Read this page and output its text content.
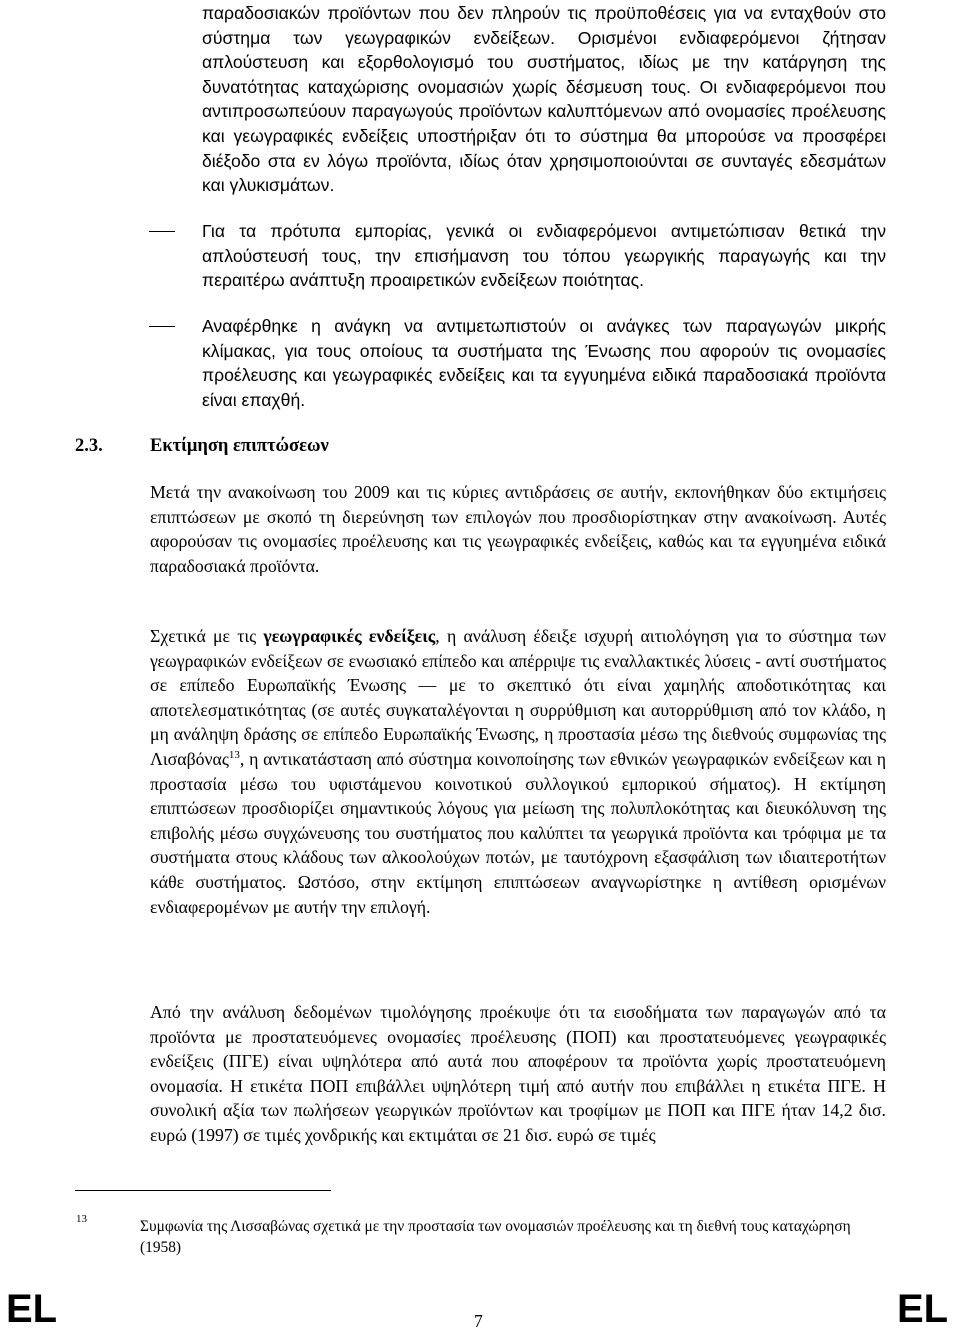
παραδοσιακών προϊόντων που δεν πληρούν τις προϋποθέσεις για να ενταχθούν στο σύστημα των γεωγραφικών ενδείξεων. Ορισμένοι ενδιαφερόμενοι ζήτησαν απλούστευση και εξορθολογισμό του συστήματος, ιδίως με την κατάργηση της δυνατότητας καταχώρισης ονομασιών χωρίς δέσμευση τους. Οι ενδιαφερόμενοι που αντιπροσωπεύουν παραγωγούς προϊόντων καλυπτόμενων από ονομασίες προέλευσης και γεωγραφικές ενδείξεις υποστήριξαν ότι το σύστημα θα μπορούσε να προσφέρει διέξοδο στα εν λόγω προϊόντα, ιδίως όταν χρησιμοποιούνται σε συνταγές εδεσμάτων και γλυκισμάτων.

Για τα πρότυπα εμπορίας, γενικά οι ενδιαφερόμενοι αντιμετώπισαν θετικά την απλούστευσή τους, την επισήμανση του τόπου γεωργικής παραγωγής και την περαιτέρω ανάπτυξη προαιρετικών ενδείξεων ποιότητας.

Αναφέρθηκε η ανάγκη να αντιμετωπιστούν οι ανάγκες των παραγωγών μικρής κλίμακας, για τους οποίους τα συστήματα της Ένωσης που αφορούν τις ονομασίες προέλευσης και γεωγραφικές ενδείξεις και τα εγγυημένα ειδικά παραδοσιακά προϊόντα είναι επαχθή.

2.3.	Εκτίμηση επιπτώσεων

Μετά την ανακοίνωση του 2009 και τις κύριες αντιδράσεις σε αυτήν, εκπονήθηκαν δύο εκτιμήσεις επιπτώσεων με σκοπό τη διερεύνηση των επιλογών που προσδιορίστηκαν στην ανακοίνωση. Αυτές αφορούσαν τις ονομασίες προέλευσης και τις γεωγραφικές ενδείξεις, καθώς και τα εγγυημένα ειδικά παραδοσιακά προϊόντα.

Σχετικά με τις γεωγραφικές ενδείξεις, η ανάλυση έδειξε ισχυρή αιτιολόγηση για το σύστημα των γεωγραφικών ενδείξεων σε ενωσιακό επίπεδο και απέρριψε τις εναλλακτικές λύσεις - αντί συστήματος σε επίπεδο Ευρωπαϊκής Ένωσης — με το σκεπτικό ότι είναι χαμηλής αποδοτικότητας και αποτελεσματικότητας (σε αυτές συγκαταλέγονται η συρρύθμιση και αυτορρύθμιση από τον κλάδο, η μη ανάληψη δράσης σε επίπεδο Ευρωπαϊκής Ένωσης, η προστασία μέσω της διεθνούς συμφωνίας της Λισαβόνας$^{13}$, η αντικατάσταση από σύστημα κοινοποίησης των εθνικών γεωγραφικών ενδείξεων και η προστασία μέσω του υφιστάμενου κοινοτικού συλλογικού εμπορικού σήματος). Η εκτίμηση επιπτώσεων προσδιορίζει σημαντικούς λόγους για μείωση της πολυπλοκότητας και διευκόλυνση της επιβολής μέσω συγχώνευσης του συστήματος που καλύπτει τα γεωργικά προϊόντα και τρόφιμα με τα συστήματα στους κλάδους των αλκοολούχων ποτών, με ταυτόχρονη εξασφάλιση των ιδιαιτεροτήτων κάθε συστήματος. Ωστόσο, στην εκτίμηση επιπτώσεων αναγνωρίστηκε η αντίθεση ορισμένων ενδιαφερομένων με αυτήν την επιλογή.

Από την ανάλυση δεδομένων τιμολόγησης προέκυψε ότι τα εισοδήματα των παραγωγών από τα προϊόντα με προστατευόμενες ονομασίες προέλευσης (ΠΟΠ) και προστατευόμενες γεωγραφικές ενδείξεις (ΠΓΕ) είναι υψηλότερα από αυτά που αποφέρουν τα προϊόντα χωρίς προστατευόμενη ονομασία. Η ετικέτα ΠΟΠ επιβάλλει υψηλότερη τιμή από αυτήν που επιβάλλει η ετικέτα ΠΓΕ. Η συνολική αξία των πωλήσεων γεωργικών προϊόντων και τροφίμων με ΠΟΠ και ΠΓΕ ήταν 14,2 δισ. ευρώ (1997) σε τιμές χονδρικής και εκτιμάται σε 21 δισ. ευρώ σε τιμές

13	Συμφωνία της Λισσαβώνας σχετικά με την προστασία των ονομασιών προέλευσης και τη διεθνή τους καταχώρηση (1958)

EL	7	EL
